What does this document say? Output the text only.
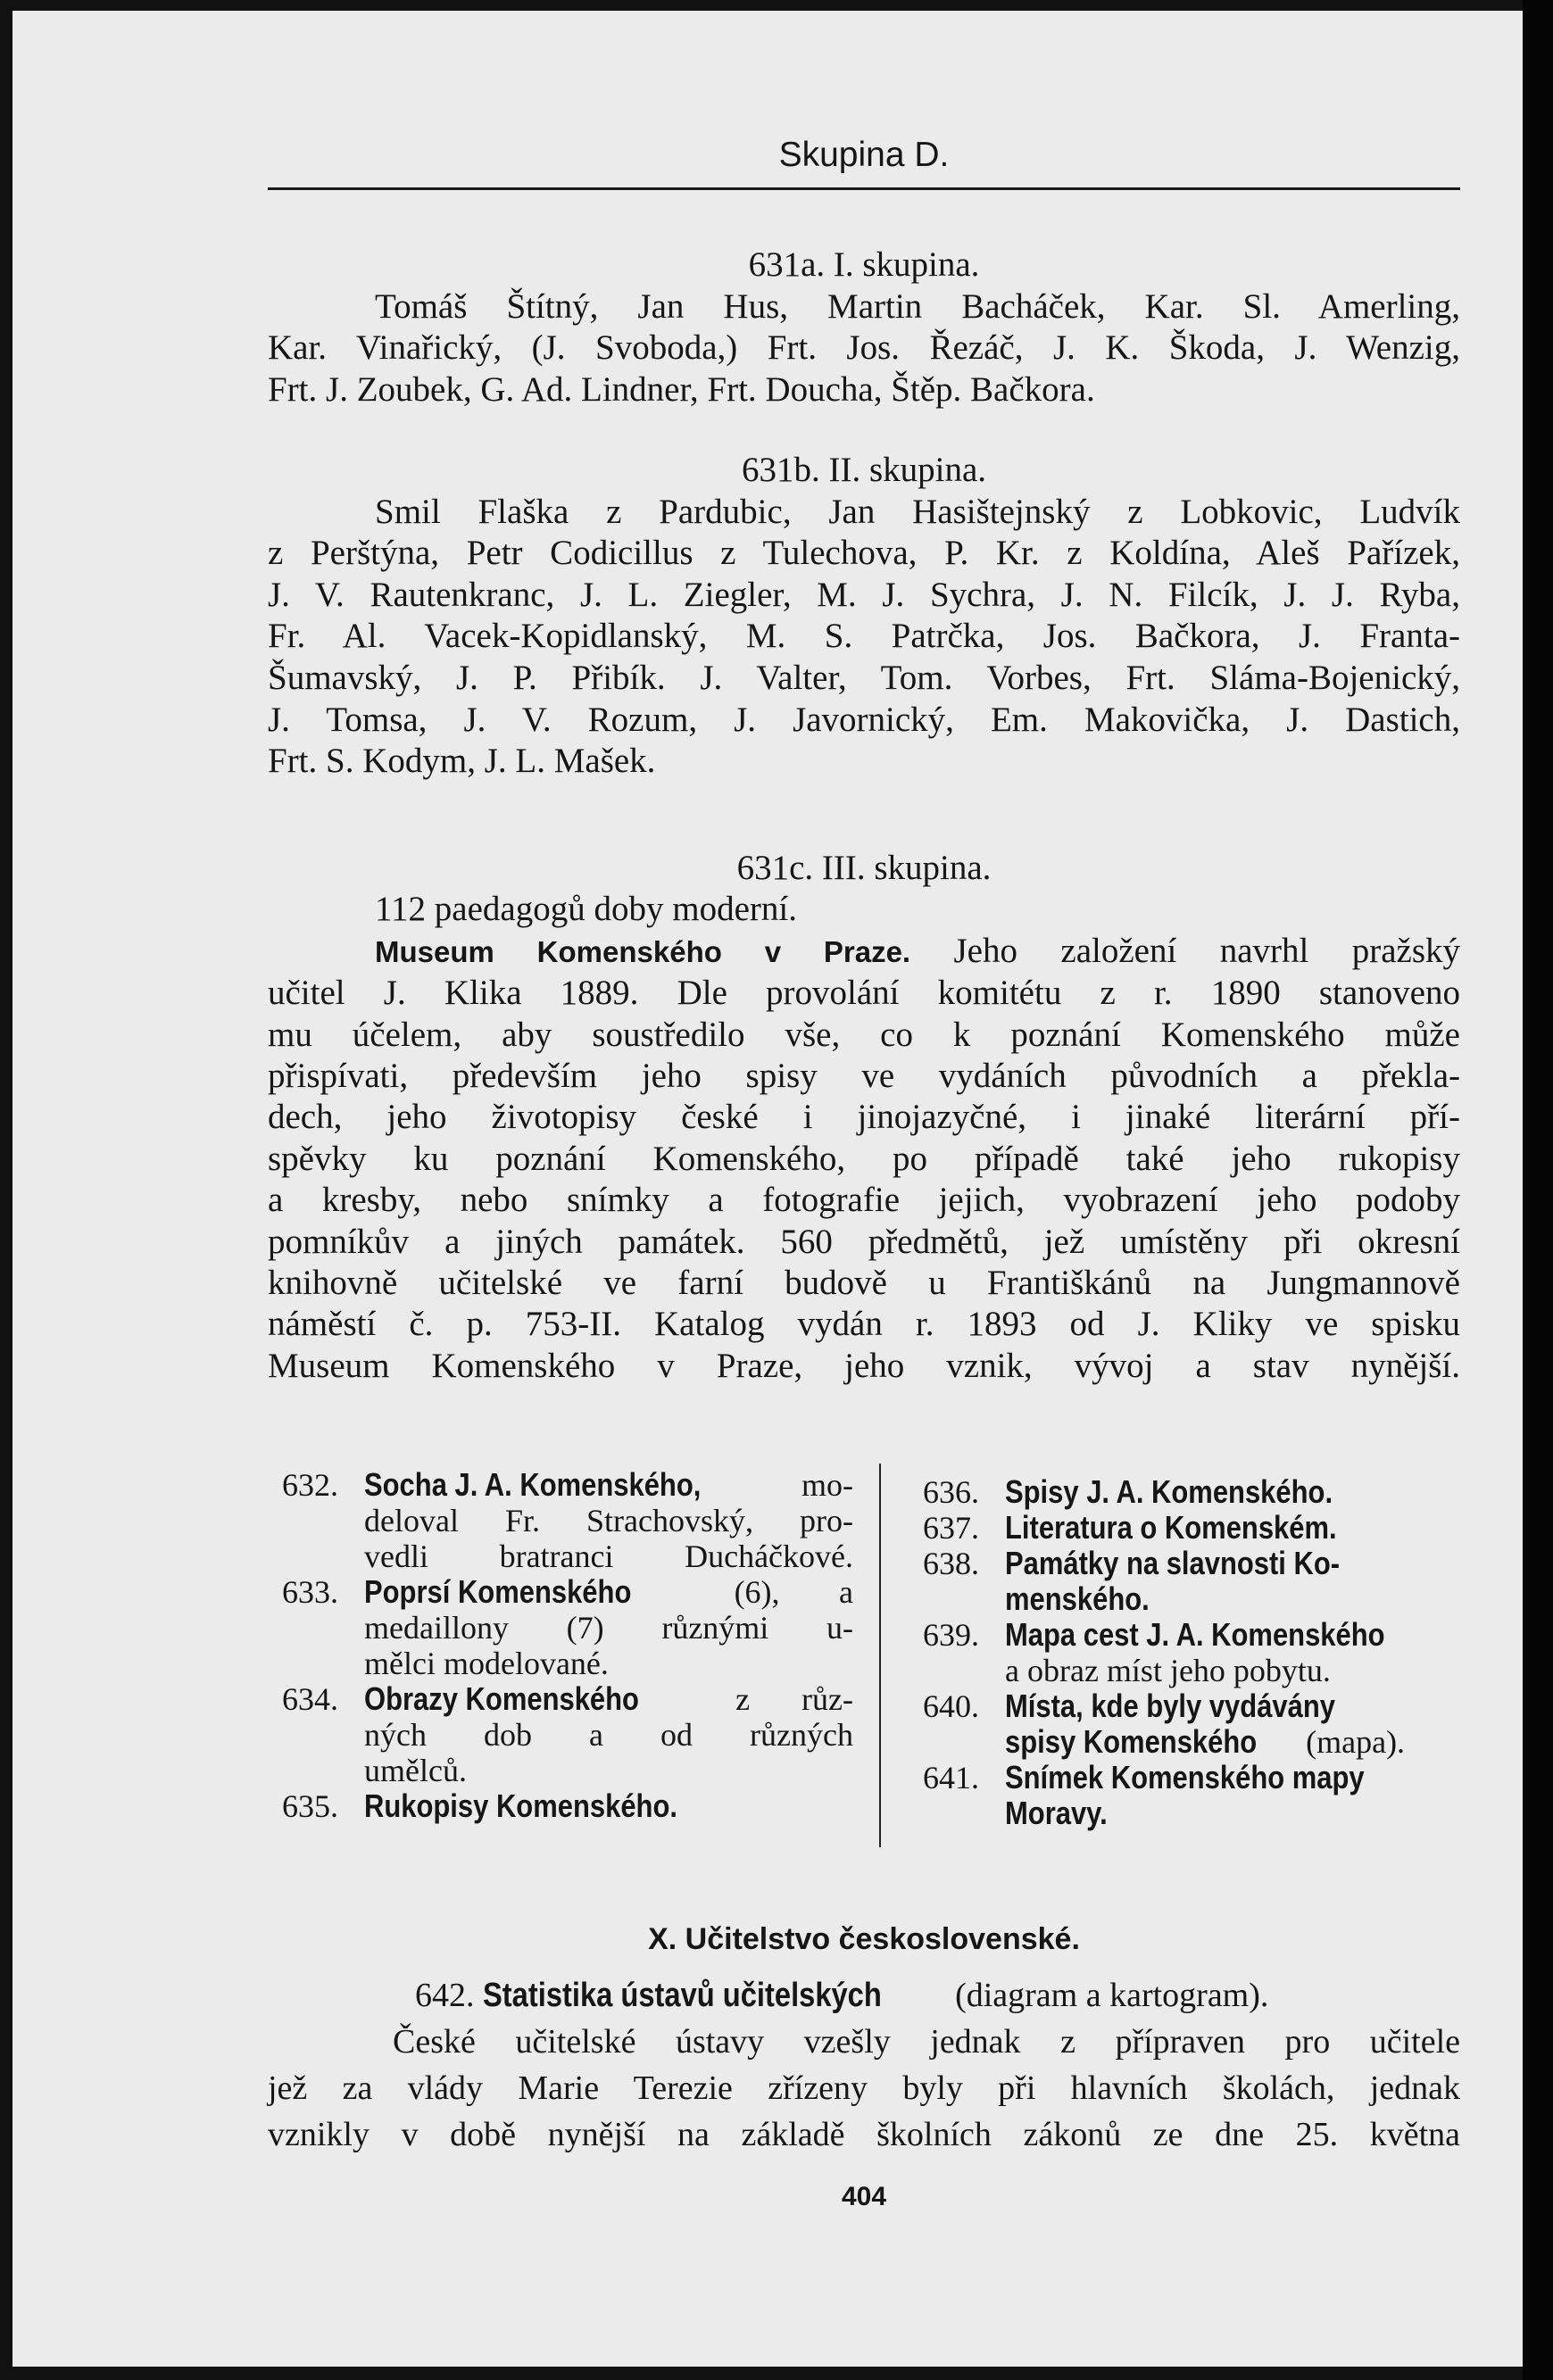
Skupina D.
631a. I. skupina.
Tomáš Štítný, Jan Hus, Martin Bacháček, Kar. Sl. Amerling,
Kar. Vinařický, (J. Svoboda,) Frt. Jos. Řezáč, J. K. Škoda, J. Wenzig,
Frt. J. Zoubek, G. Ad. Lindner, Frt. Doucha, Štěp. Bačkora.
631b. II. skupina.
Smil Flaška z Pardubic, Jan Hasištejnský z Lobkovic, Ludvík
z Perštýna, Petr Codicillus z Tulechova, P. Kr. z Koldína, Aleš Pařízek,
J. V. Rautenkranc, J. L. Ziegler, M. J. Sychra, J. N. Filcík, J. J. Ryba,
Fr. Al. Vacek-Kopidlanský, M. S. Patrčka, Jos. Bačkora, J. Franta-
Šumavský, J. P. Přibík. J. Valter, Tom. Vorbes, Frt. Sláma-Bojenický,
J. Tomsa, J. V. Rozum, J. Javornický, Em. Makovička, J. Dastich,
Frt. S. Kodym, J. L. Mašek.
631c. III. skupina.
112 paedagogů doby moderní.
Museum Komenského v Praze. Jeho založení navrhl pražský
učitel J. Klika 1889. Dle provolání komitétu z r. 1890 stanoveno
mu účelem, aby soustředilo vše, co k poznání Komenského může
přispívati, především jeho spisy ve vydáních původních a překla-
dech, jeho životopisy české i jinojazyčné, i jinaké literární pří-
spěvky ku poznání Komenského, po případě také jeho rukopisy
a kresby, nebo snímky a fotografie jejich, vyobrazení jeho podoby
pomníkův a jiných památek. 560 předmětů, jež umístěny při okresní
knihovně učitelské ve farní budově u Františkánů na Jungmannově
náměstí č. p. 753-II. Katalog vydán r. 1893 od J. Kliky ve spisku
Museum Komenského v Praze, jeho vznik, vývoj a stav nynější.
632. Socha J. A. Komenského,	mo-
deloval Fr. Strachovský, pro-
vedli bratranci Ducháčkové.
633. Poprsí Komenského	(6), a
medaillony (7) různými u-
mělci modelované.
634. Obrazy Komenského	z růz-
ných dob a od různých
umělců.
635. Rukopisy Komenského.
636. Spisy J. A. Komenského.
637. Literatura o Komenském.
638. Památky na slavnosti Ko-
menského.
639. Mapa cest J. A. Komenského
a obraz míst jeho pobytu.
640. Místa, kde byly vydávány
spisy Komenského (mapa).
641. Snímek Komenského mapy
Moravy.
X. Učitelstvo československé.
642. Statistika ústavů učitelských (diagram a kartogram).
České učitelské ústavy vzešly jednak z přípraven pro učitele
jež za vlády Marie Terezie zřízeny byly při hlavních školách, jednak
vznikly v době nynější na základě školních zákonů ze dne 25. května
404
